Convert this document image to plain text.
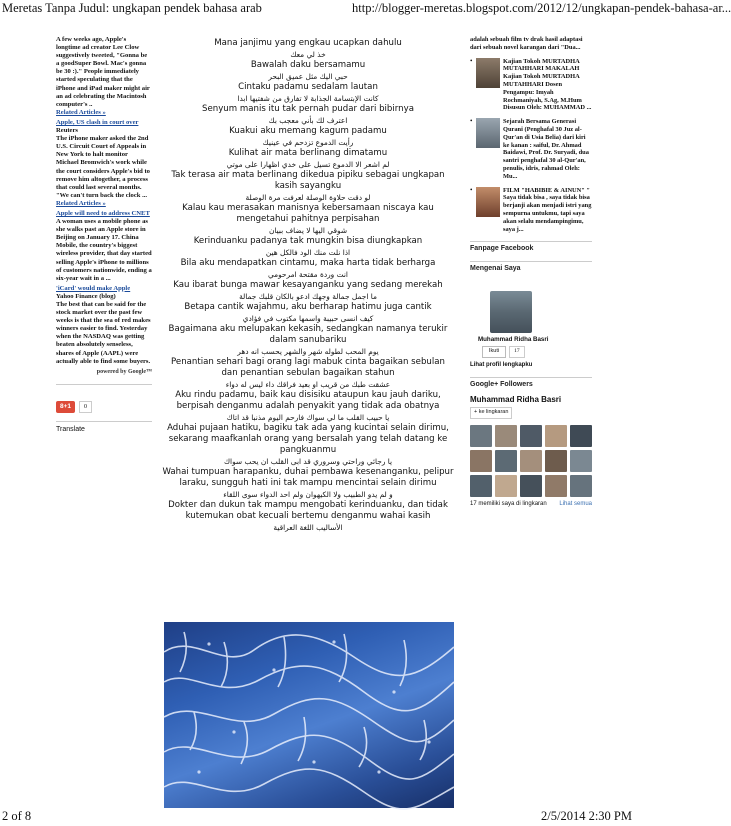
Meretas Tanpa Judul: ungkapan pendek bahasa arab	http://blogger-meretas.blogspot.com/2012/12/ungkapan-pendek-bahasa-ar...

A few weeks ago, Apple's longtime ad creator Lee Clow suggestively tweeted, "Gonna be a goodSuper Bowl. Mac's gonna be 30 :)." People immediately started speculating that the iPhone and iPad maker might air an ad celebrating the Macintosh computer's ..

Related Articles »
Apple, US clash in court over

Reuters

The iPhone maker asked the 2nd U.S. Circuit Court of Appeals in New York to halt monitor Michael Bromwich's work while the court considers Apple's bid to remove him altogether, a process that could last several months. "We can't turn back the clock ...

Related Articles »
Apple will need to address CNET

A woman uses a mobile phone as she walks past an Apple store in Beijing on January 17. China Mobile, the country's biggest wireless provider, that day started selling Apple's iPhone to millions of customers nationwide, ending a six-year wait in a ...

'iCard' would make Apple

Yahoo Finance (blog)

The best that can be said for the stock market over the past few weeks is that the sea of red makes winners easier to find. Yesterday when the NASDAQ was getting beaten absolutely senseless, shares of Apple (AAPL) were actually able to find some buyers.

powered by Google™
8+1	0
Translate
Mana janjimu yang engkau ucapkan dahulu
خذ لي معك
Bawalah daku bersamamu
حبي اليك مثل عميق البحر
Cintaku padamu sedalam lautan
كانت الإبتسامة الجذابة لا تفارق من شفتيها ابدا
Senyum manis itu tak pernah pudar dari bibirnya
اعترف لك بأني معجب بك
Kuakui aku memang kagum padamu
رأيت الدموع تزدحم في عينيك
Kulihat air mata berlinang dimatamu
لم اشعر الا الدموع تسيل على خدي اظهارا على موتي
Tak terasa air mata berlinang dikedua pipiku sebagai ungkapan kasih sayangku
لو دقت حلاوة الوصلة لعرفت مرة الوصلة
Kalau kau merasakan manisnya kebersamaan niscaya kau mengetahui pahitnya perpisahan
شوقي اليها لا يضاف ببيان
Kerinduanku padanya tak mungkin bisa diungkapkan
اذا نلت منك الود فالكل هين
Bila aku mendapatkan cintamu, maka harta tidak berharga
انت وردة مقتحة امرحومي
Kau ibarat bunga mawar kesayanganku yang sedang merekah
ما اجمل جمالة وجهك ادعو بالكان قلبك جمالة
Betapa cantik wajahmu, aku berharap hatimu juga cantik
كيف انسى حبيبة واسمها مكتوب في فؤادي
Bagaimana aku melupakan kekasih, sedangkan namanya terukir dalam sanubariku
يوم المحب لطوله شهر والشهر يحسب انه دهر
Penantian sehari bagi orang lagi mabuk cinta bagaikan sebulan dan penantian sebulan bagaikan stahun
عشقت طبك من قريب او بعيد فراقك داء ليس له دواء
Aku rindu padamu, baik kau disisiku ataupun kau jauh dariku, berpisah denganmu adalah penyakit yang tidak ada obatnya
يا حبيب القلب ما لي سواك فارحم اليوم مذنبا قد اتاك
Aduhai pujaan hatiku, bagiku tak ada yang kucintai selain dirimu, sekarang maafkanlah orang yang bersalah yang telah datang ke pangkuanmu
يا رجائي وراحتي وسروري قد ابى القلب ان يحب سواك
Wahai tumpuan harapanku, duhai pembawa kesenanganku, pelipur laraku, sungguh hati ini tak mampu mencintai selain dirimu
و لم يدو الطبيب ولا الكيهوان ولم احد الدواء سوى اللقاء
Dokter dan dukun tak mampu mengobati kerinduanku, dan tidak kutemukan obat kecuali bertemu denganmu wahai kasih
الأساليب اللغة العراقية
adalah sebuah film tv drak hasil adaptasi dari sebuah novel karangan dari "Dua...
•	Kajian Tokoh MURTADHA MUTAHHARI MAKALAH Kajian Tokoh MURTADHA MUTAHHARI Dosen Pengampu: Imyah Rochmaniyah, S.Ag, M.Hum Disusun Oleh: MUHAMMAD ...
•	Sejarah Bersama Generasi Qurani (Penghafal 30 Juz al-Qur'an di Usia Belia) dari kiri ke kanan : saiful, Dr. Ahmad Baidawi, Prof. Dr. Suryadi, dua santri penghafal 30 al-Qur'an, penulis, idris, rahmad Oleh: Mu...
•	FILM "HABIBIE & AINUN" " Saya tidak bisa , saya tidak bisa berjanji akan menjadi istri yang sempurna untukmu, tapi saya akan selalu mendampingimu, saya j...
Fanpage Facebook
Mengenai Saya
Muhammad Ridha Basri
Ikuti	17
Lihat profil lengkapku
Google+ Followers
Muhammad Ridha Basri
+ ke lingkaran
17 memiliki saya di lingkaran Lihat semua
2 of 8	2/5/2014 2:30 PM
